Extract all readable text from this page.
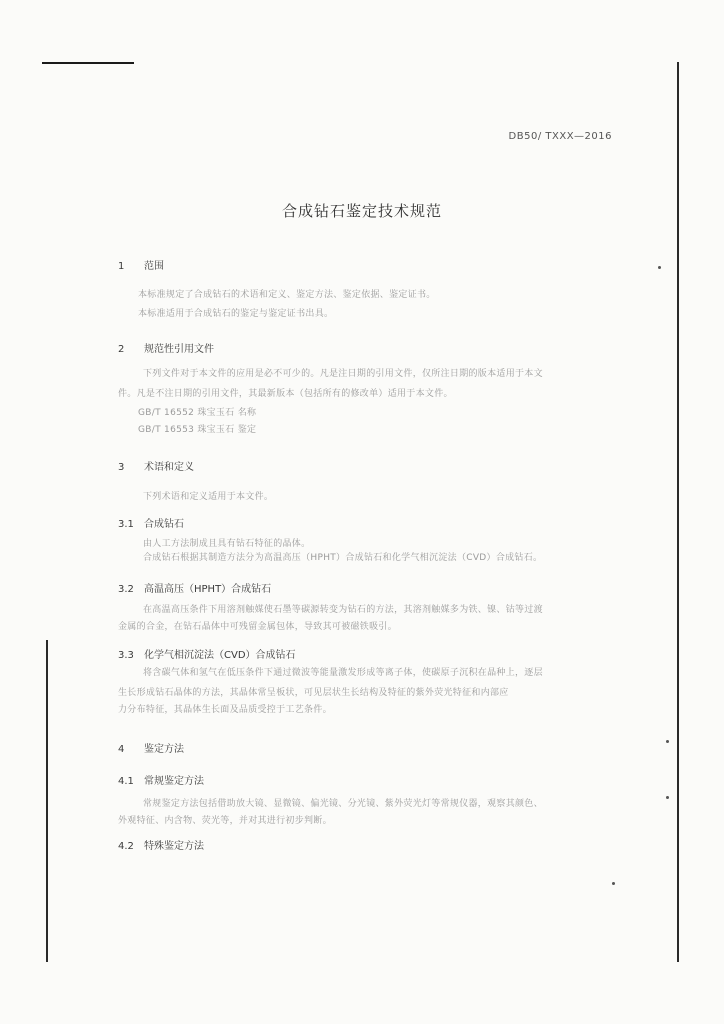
DB50/ TXXX—2016
合成钻石鉴定技术规范
1 范围
本标准规定了合成钻石的术语和定义、鉴定方法、鉴定依据、鉴定证书。
本标准适用于合成钻石的鉴定与鉴定证书出具。
2 规范性引用文件
下列文件对于本文件的应用是必不可少的。凡是注日期的引用文件，仅所注日期的版本适用于本文
件。凡是不注日期的引用文件，其最新版本（包括所有的修改单）适用于本文件。
GB/T 16552 珠宝玉石 名称
GB/T 16553 珠宝玉石 鉴定
3 术语和定义
下列术语和定义适用于本文件。
3.1 合成钻石
由人工方法制成且具有钻石特征的晶体。
合成钻石根据其制造方法分为高温高压（HPHT）合成钻石和化学气相沉淀法（CVD）合成钻石。
3.2 高温高压（HPHT）合成钻石
在高温高压条件下用溶剂触媒使石墨等碳源转变为钻石的方法，其溶剂触媒多为铁、镍、钴等过渡
金属的合金，在钻石晶体中可残留金属包体，导致其可被磁铁吸引。
3.3 化学气相沉淀法（CVD）合成钻石
将含碳气体和氢气在低压条件下通过微波等能量激发形成等离子体，使碳原子沉积在晶种上，逐层
生长形成钻石晶体的方法，其晶体常呈板状，可见层状生长结构及特征的紫外荧光特征和内部应
力分布特征，其晶体生长面及品质受控于工艺条件。
4 鉴定方法
4.1 常规鉴定方法
常规鉴定方法包括借助放大镜、显微镜、偏光镜、分光镜、紫外荧光灯等常规仪器，观察其颜色、
外观特征、内含物、荧光等，并对其进行初步判断。
4.2 特殊鉴定方法
